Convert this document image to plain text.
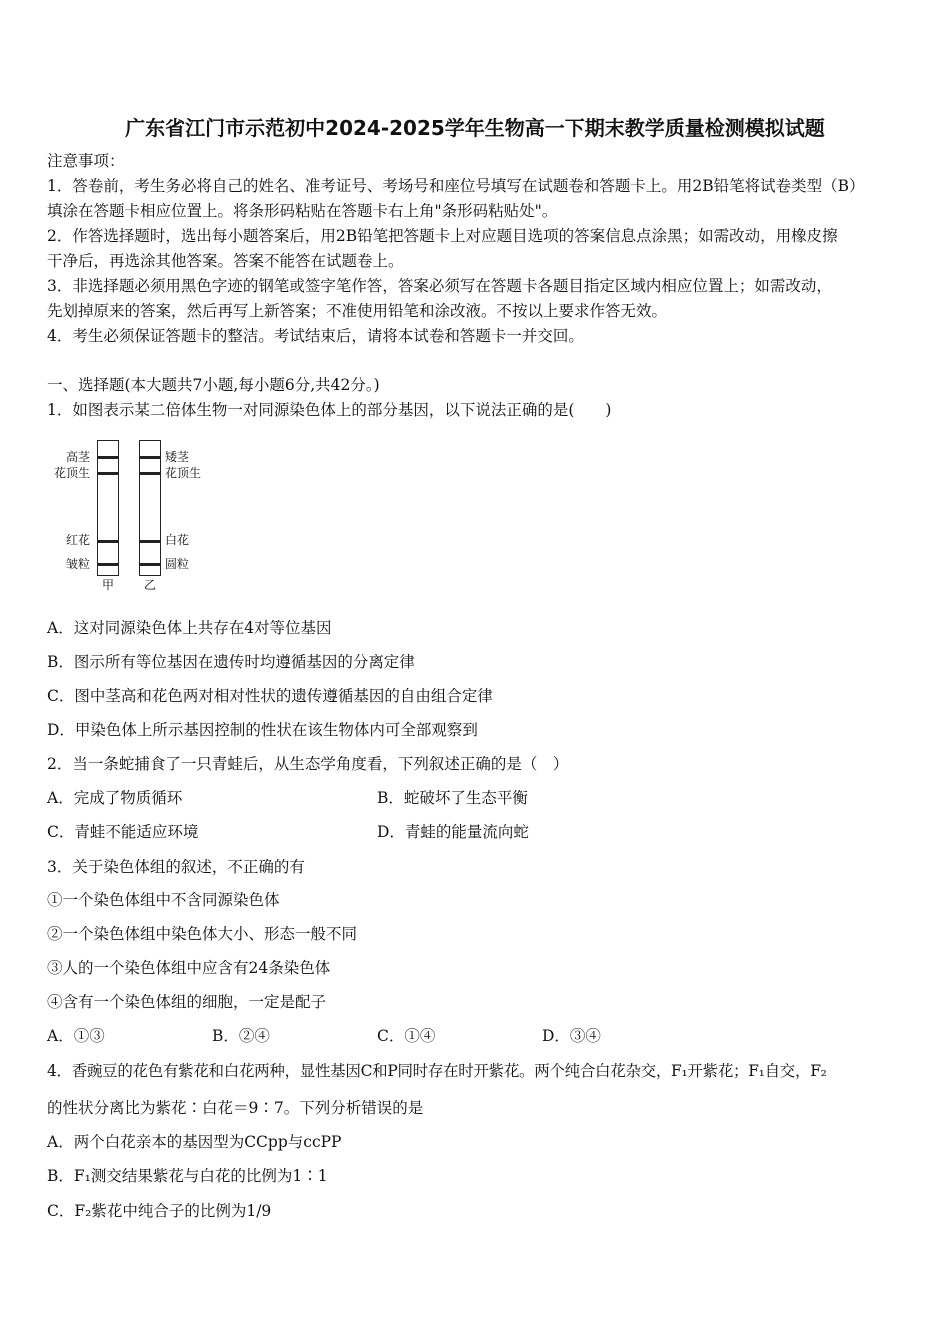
广东省江门市示范初中2024-2025学年生物高一下期末教学质量检测模拟试题
注意事项：
1．答卷前，考生务必将自己的姓名、准考证号、考场号和座位号填写在试题卷和答题卡上。用2B铅笔将试卷类型（B）
填涂在答题卡相应位置上。将条形码粘贴在答题卡右上角"条形码粘贴处"。
2．作答选择题时，选出每小题答案后，用2B铅笔把答题卡上对应题目选项的答案信息点涂黑；如需改动，用橡皮擦
干净后，再选涂其他答案。答案不能答在试题卷上。
3．非选择题必须用黑色字迹的钢笔或签字笔作答，答案必须写在答题卡各题目指定区域内相应位置上；如需改动，
先划掉原来的答案，然后再写上新答案；不准使用铅笔和涂改液。不按以上要求作答无效。
4．考生必须保证答题卡的整洁。考试结束后，请将本试卷和答题卡一并交回。
一、选择题(本大题共7小题,每小题6分,共42分。)
1．如图表示某二倍体生物一对同源染色体上的部分基因，以下说法正确的是(　　)
高茎
花顶生
红花
皱粒
矮茎
花顶生
白花
圆粒
甲 乙
A．这对同源染色体上共存在4对等位基因
B．图示所有等位基因在遗传时均遵循基因的分离定律
C．图中茎高和花色两对相对性状的遗传遵循基因的自由组合定律
D．甲染色体上所示基因控制的性状在该生物体内可全部观察到
2．当一条蛇捕食了一只青蛙后，从生态学角度看，下列叙述正确的是（　）
A．完成了物质循环	B．蛇破坏了生态平衡
C．青蛙不能适应环境	D．青蛙的能量流向蛇
3．关于染色体组的叙述，不正确的有
①一个染色体组中不含同源染色体
②一个染色体组中染色体大小、形态一般不同
③人的一个染色体组中应含有24条染色体
④含有一个染色体组的细胞，一定是配子
A．①③	B．②④	C．①④	D．③④
4．香豌豆的花色有紫花和白花两种，显性基因C和P同时存在时开紫花。两个纯合白花杂交，F₁开紫花；F₁自交，F₂
的性状分离比为紫花∶白花＝9∶7。下列分析错误的是
A．两个白花亲本的基因型为CCpp与ccPP
B．F₁测交结果紫花与白花的比例为1∶1
C．F₂紫花中纯合子的比例为1/9
